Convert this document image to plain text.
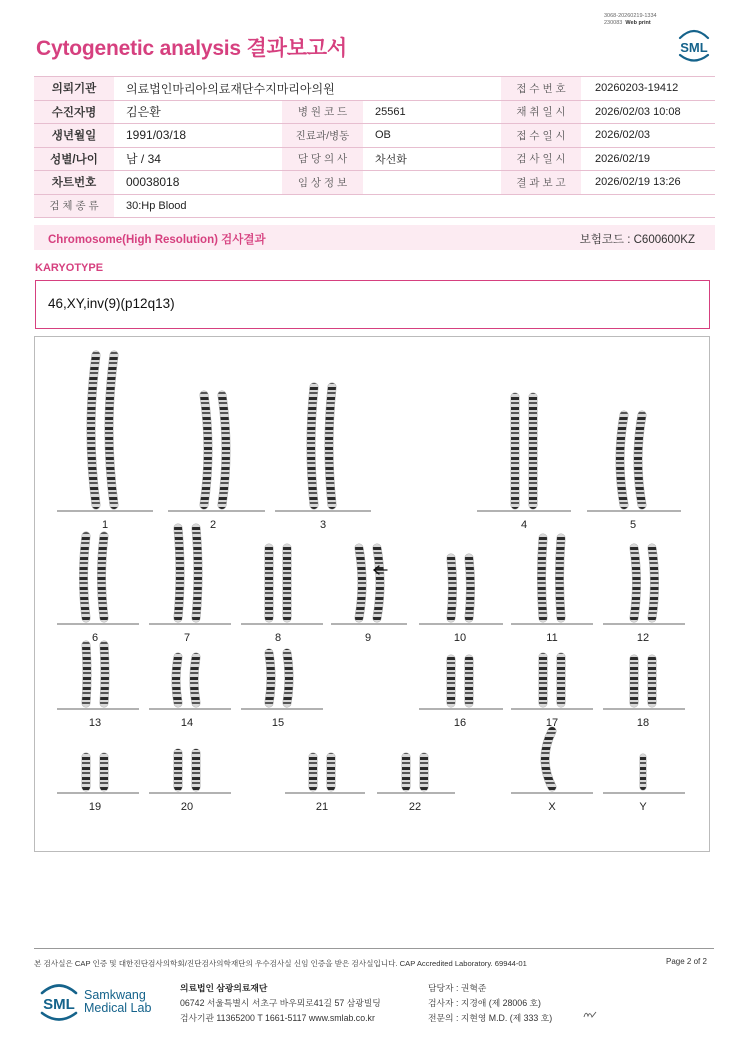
3068-20260219-1334
230083 Web print
Cytogenetic analysis 결과보고서	SML
의뢰기관	의료법인마리아의료재단수지마리아의원			접 수 번 호	20260203-19412
수진자명	김은환	병 원 코 드	25561	채 취 일 시	2026/02/03 10:08
생년월일	1991/03/18	진료과/병동	OB	접 수 일 시	2026/02/03
성별/나이	남 / 34	담 당 의 사	차선화	검 사 일 시	2026/02/19
차트번호	00038018	임 상 정 보		결 과 보 고	2026/02/19 13:26
검 체 종 류	30:Hp Blood				
Chromosome(High Resolution) 검사결과	보험코드 : C600600KZ
KARYOTYPE
46,XY,inv(9)(p12q13)
1	2	3	4	5
6	7	8	9	10	11	12
13	14	15	16	17	18
19	20	21	22	X	Y
본 검사실은 CAP 인증 및 대한진단검사의학회/진단검사의학재단의 우수검사실 신임 인증을 받은 검사실입니다. CAP Accredited Laboratory. 69944-01	Page 2 of 2
SML
Samkwang
Medical Lab
의료법인 삼광의료재단
06742 서울특별시 서초구 바우뫼로41길 57 삼광빌딩
검사기관 11365200 T 1661-5117 www.smlab.co.kr
담당자 : 권혁준
검사자 : 지경애 (제 28006 호)
전문의 : 지현영 M.D. (제 333 호)
